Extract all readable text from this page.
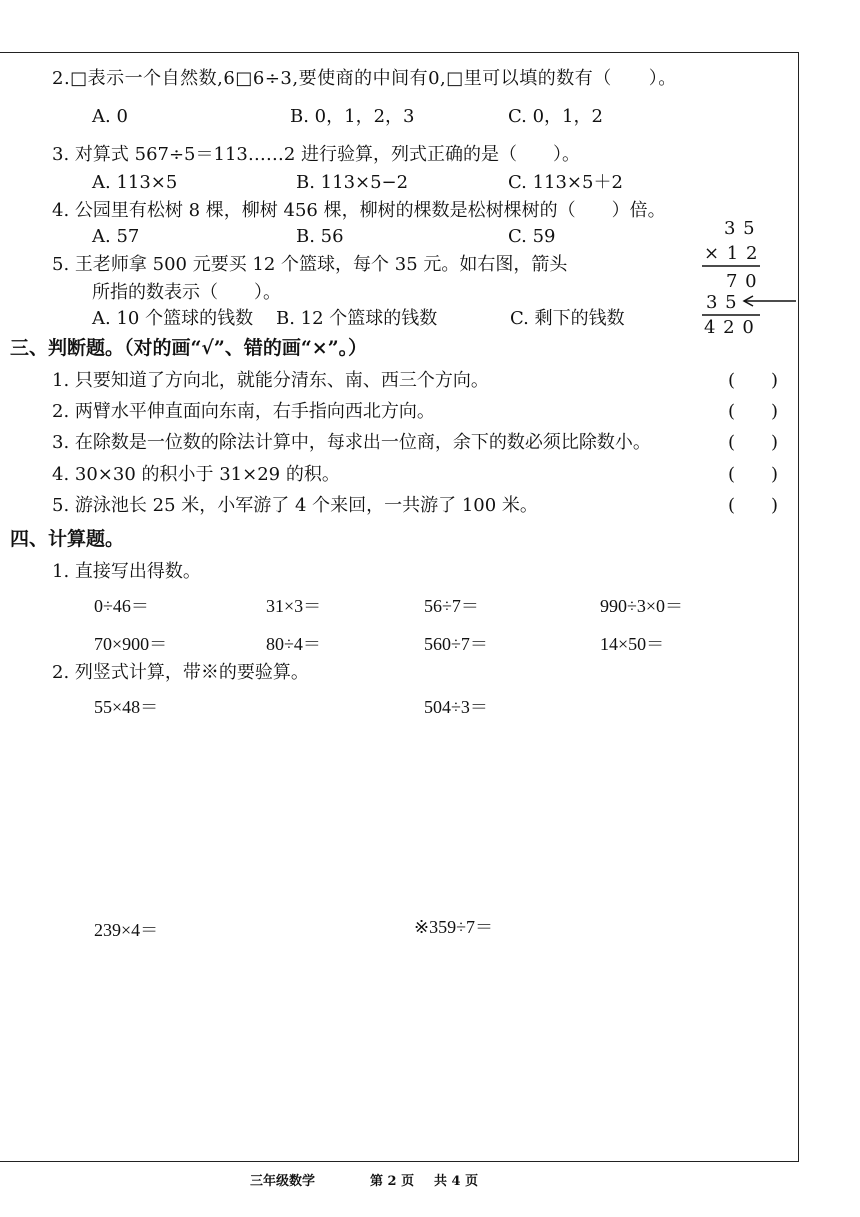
2.□表示一个自然数,6□6÷3,要使商的中间有0,□里可以填的数有（　　）。
A. 0	B. 0，1，2，3	C. 0，1，2
3. 对算式 567÷5＝113……2 进行验算，列式正确的是（　　）。
A. 113×5	B. 113×5−2	C. 113×5＋2
4. 公园里有松树 8 棵，柳树 456 棵，柳树的棵数是松树棵树的（　　）倍。
A. 57	B. 56	C. 59
5. 王老师拿 500 元要买 12 个篮球，每个 35 元。如右图，箭头
所指的数表示（　　）。
A. 10 个篮球的钱数 B. 12 个篮球的钱数	C. 剩下的钱数
3 5
× 1 2
7 0
3 5
4 2 0
三、判断题。（对的画“√”、错的画“×”。）
1. 只要知道了方向北，就能分清东、南、西三个方向。	(　　)
2. 两臂水平伸直面向东南，右手指向西北方向。	(　　)
3. 在除数是一位数的除法计算中，每求出一位商，余下的数必须比除数小。	(　　)
4. 30×30 的积小于 31×29 的积。	(　　)
5. 游泳池长 25 米，小军游了 4 个来回，一共游了 100 米。	(　　)
四、计算题。
1. 直接写出得数。
0÷46＝	31×3＝	56÷7＝	990÷3×0＝
70×900＝	80÷4＝	560÷7＝	14×50＝
2. 列竖式计算，带※的要验算。
55×48＝	504÷3＝
239×4＝	※359÷7＝
三年级数学	第 2 页 共 4 页
